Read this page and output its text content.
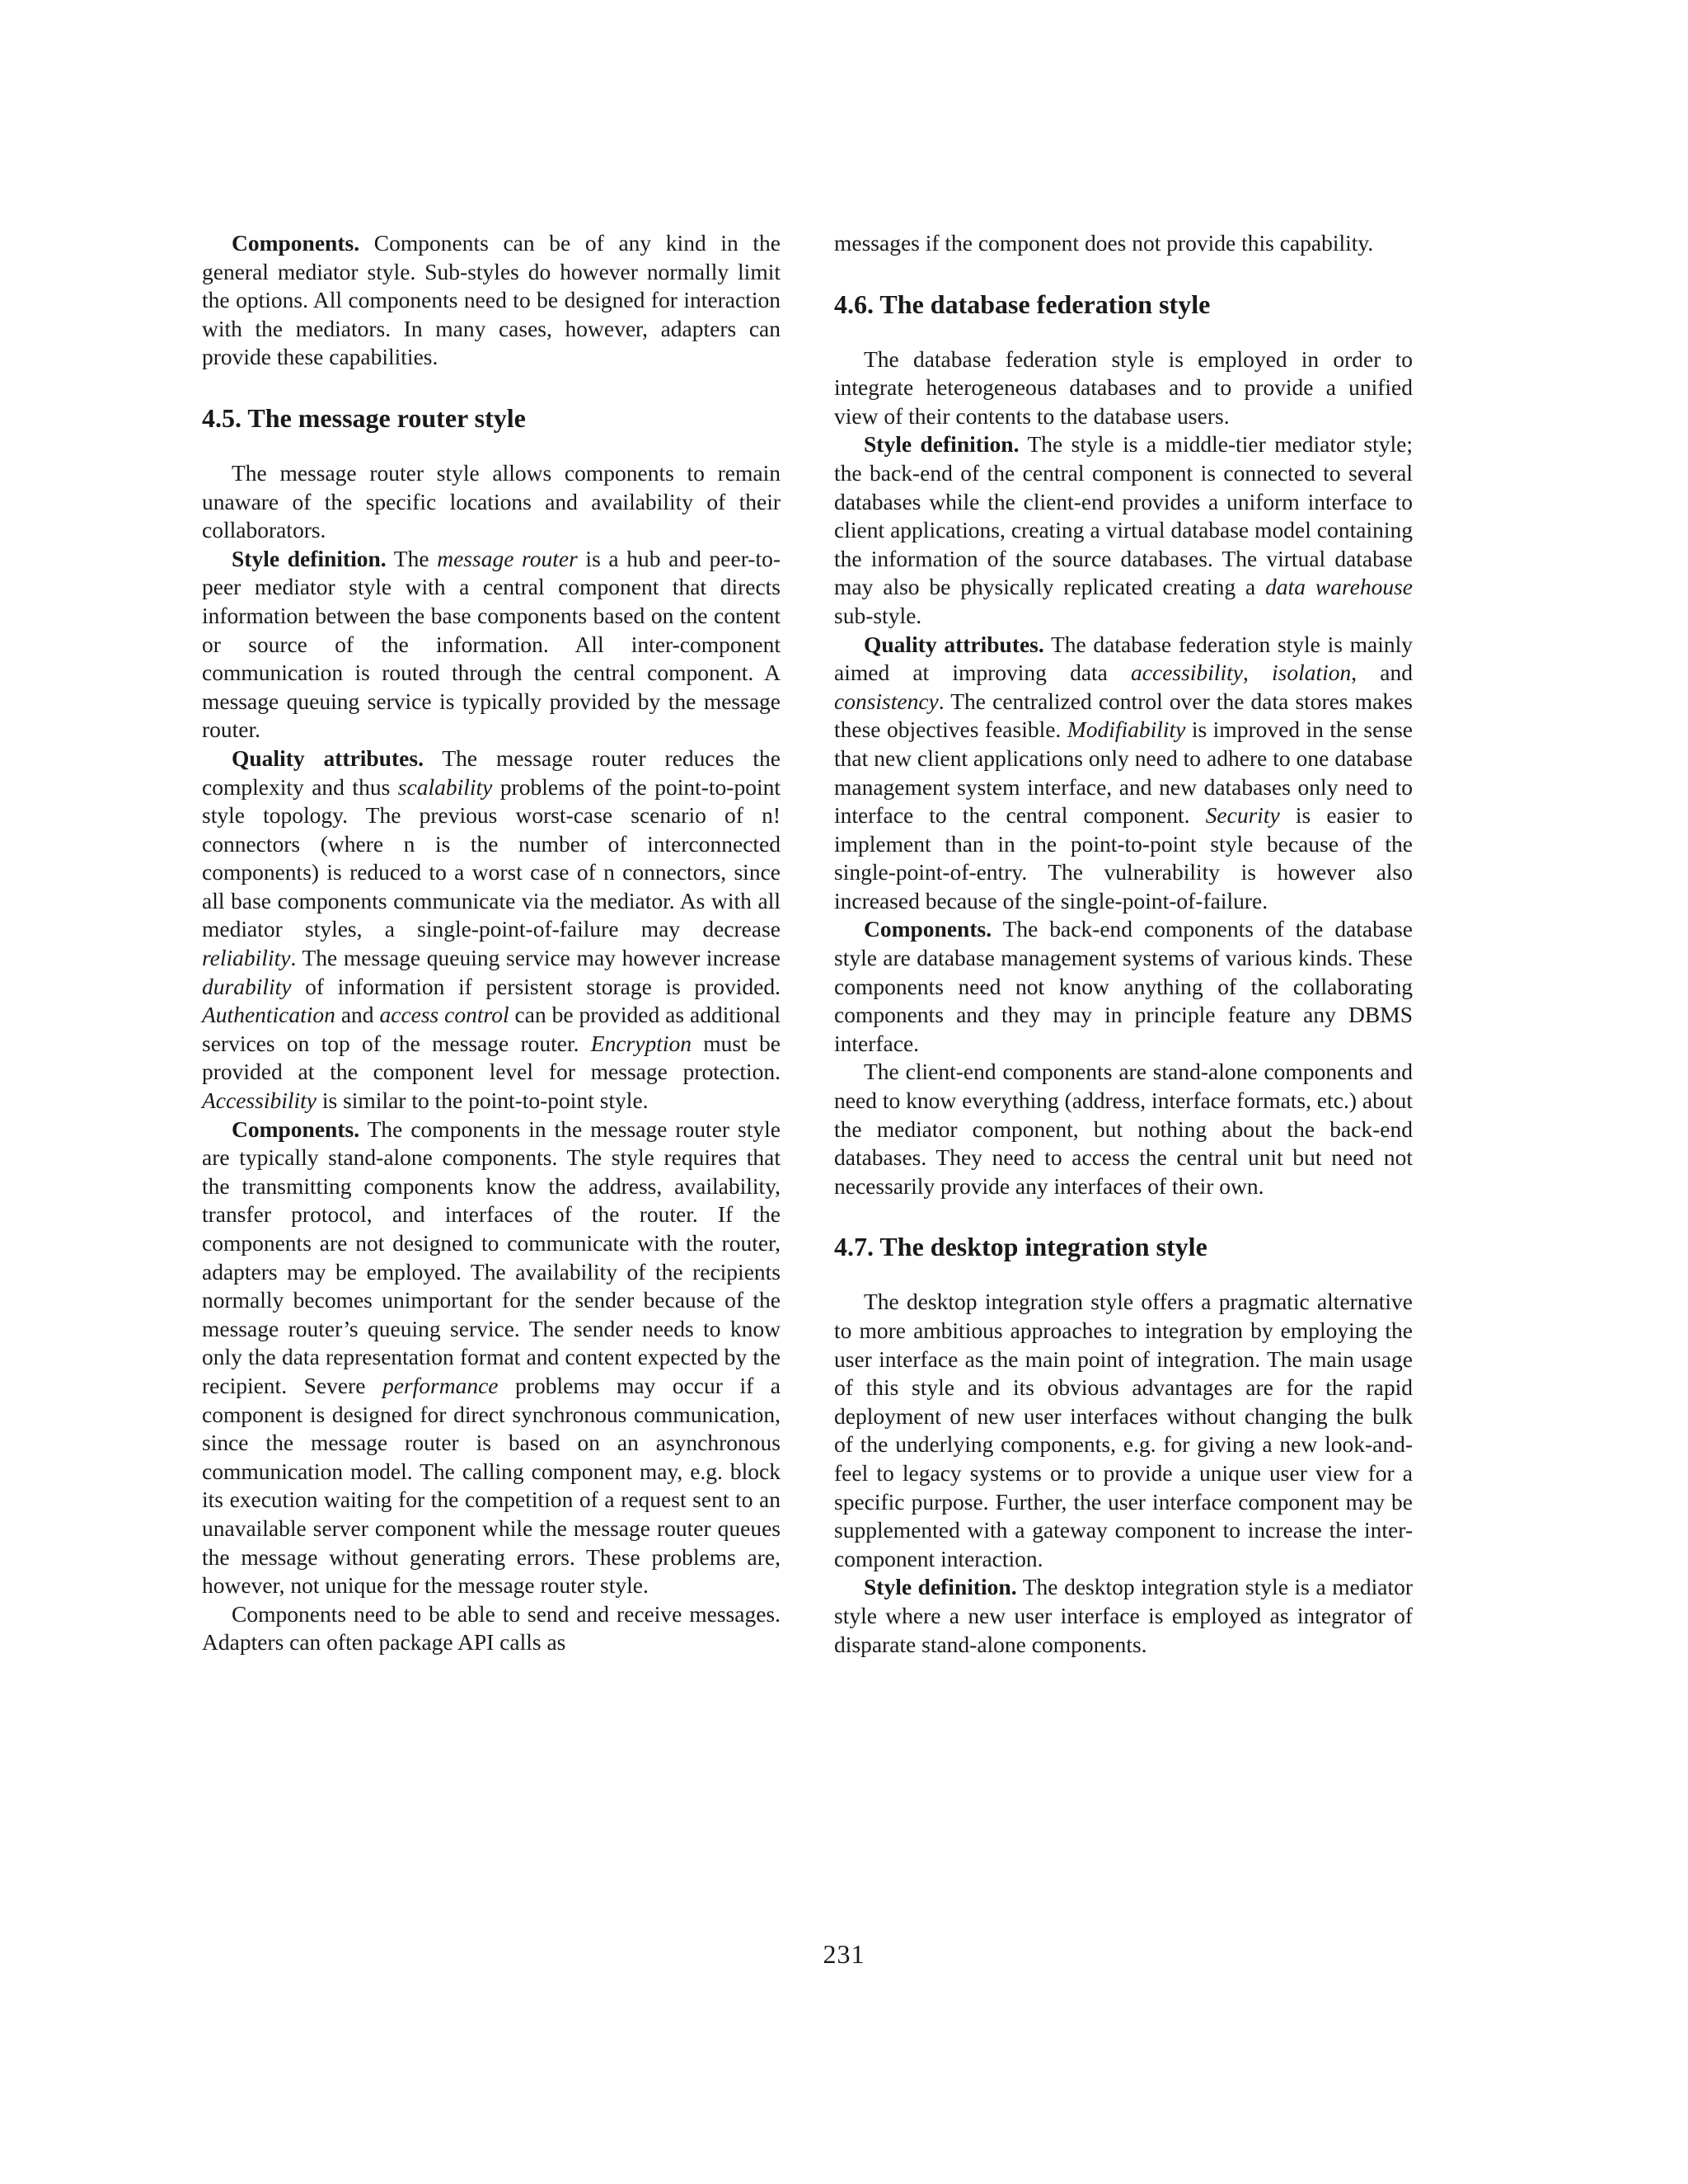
Components. Components can be of any kind in the general mediator style. Sub-styles do however normally limit the options. All components need to be designed for interaction with the mediators. In many cases, however, adapters can provide these capabilities.

4.5. The message router style

The message router style allows components to remain unaware of the specific locations and availability of their collaborators.

Style definition. The message router is a hub and peer-to-peer mediator style with a central component that directs information between the base components based on the content or source of the information. All inter-component communication is routed through the central component. A message queuing service is typically provided by the message router.

Quality attributes. The message router reduces the complexity and thus scalability problems of the point-to-point style topology. The previous worst-case scenario of n! connectors (where n is the number of interconnected components) is reduced to a worst case of n connectors, since all base components communicate via the mediator. As with all mediator styles, a single-point-of-failure may decrease reliability. The message queuing service may however increase durability of information if persistent storage is provided. Authentication and access control can be provided as additional services on top of the message router. Encryption must be provided at the component level for message protection. Accessibility is similar to the point-to-point style.

Components. The components in the message router style are typically stand-alone components. The style requires that the transmitting components know the address, availability, transfer protocol, and interfaces of the router. If the components are not designed to communicate with the router, adapters may be employed. The availability of the recipients normally becomes unimportant for the sender because of the message router’s queuing service. The sender needs to know only the data representation format and content expected by the recipient. Severe performance problems may occur if a component is designed for direct synchronous communication, since the message router is based on an asynchronous communication model. The calling component may, e.g. block its execution waiting for the competition of a request sent to an unavailable server component while the message router queues the message without generating errors. These problems are, however, not unique for the message router style.

Components need to be able to send and receive messages. Adapters can often package API calls as

messages if the component does not provide this capability.

4.6. The database federation style

The database federation style is employed in order to integrate heterogeneous databases and to provide a unified view of their contents to the database users.

Style definition. The style is a middle-tier mediator style; the back-end of the central component is connected to several databases while the client-end provides a uniform interface to client applications, creating a virtual database model containing the information of the source databases. The virtual database may also be physically replicated creating a data warehouse sub-style.

Quality attributes. The database federation style is mainly aimed at improving data accessibility, isolation, and consistency. The centralized control over the data stores makes these objectives feasible. Modifiability is improved in the sense that new client applications only need to adhere to one database management system interface, and new databases only need to interface to the central component. Security is easier to implement than in the point-to-point style because of the single-point-of-entry. The vulnerability is however also increased because of the single-point-of-failure.

Components. The back-end components of the database style are database management systems of various kinds. These components need not know anything of the collaborating components and they may in principle feature any DBMS interface.

The client-end components are stand-alone components and need to know everything (address, interface formats, etc.) about the mediator component, but nothing about the back-end databases. They need to access the central unit but need not necessarily provide any interfaces of their own.

4.7. The desktop integration style

The desktop integration style offers a pragmatic alternative to more ambitious approaches to integration by employing the user interface as the main point of integration. The main usage of this style and its obvious advantages are for the rapid deployment of new user interfaces without changing the bulk of the underlying components, e.g. for giving a new look-and-feel to legacy systems or to provide a unique user view for a specific purpose. Further, the user interface component may be supplemented with a gateway component to increase the inter-component interaction.

Style definition. The desktop integration style is a mediator style where a new user interface is employed as integrator of disparate stand-alone components.

231
